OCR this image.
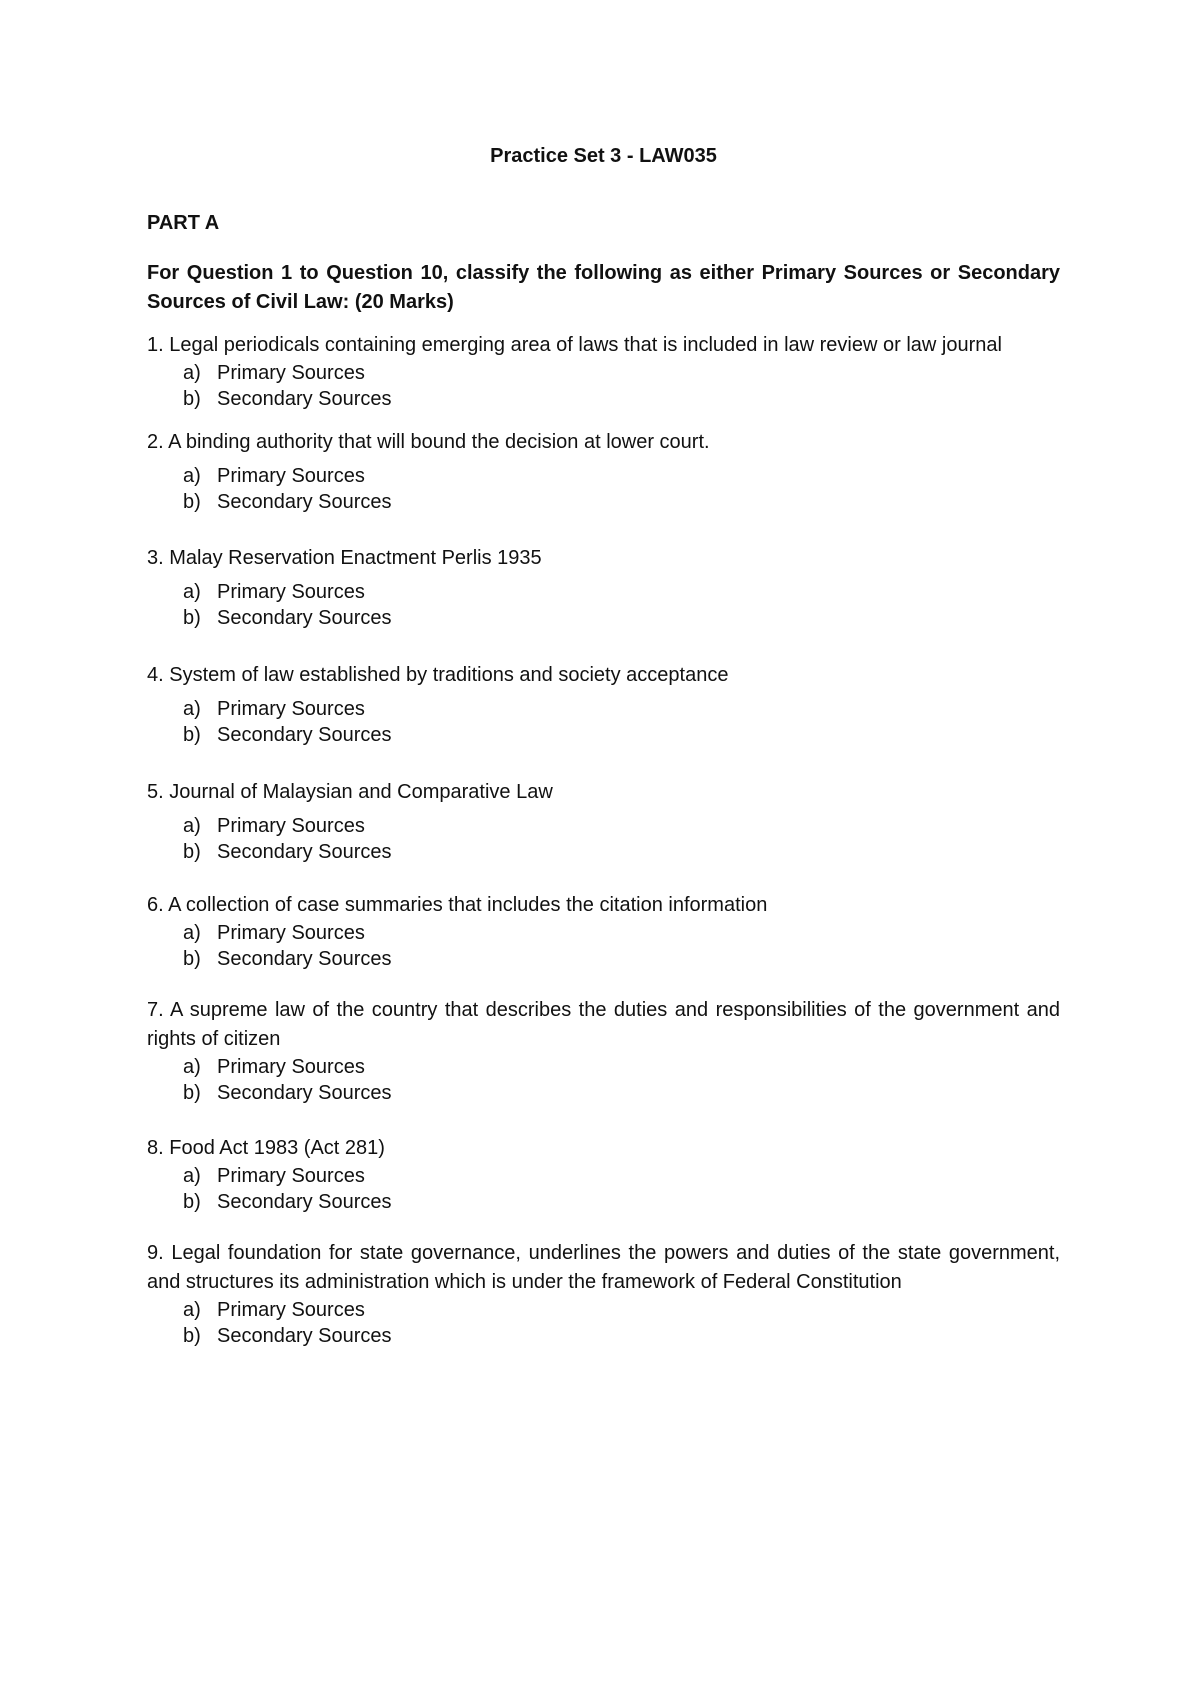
Practice Set 3 - LAW035
PART A

For Question 1 to Question 10, classify the following as either Primary Sources or Secondary Sources of Civil Law: (20 Marks)

1. Legal periodicals containing emerging area of laws that is included in law review or law journal

a) Primary Sources
b) Secondary Sources

2. A binding authority that will bound the decision at lower court.

a) Primary Sources
b) Secondary Sources

3. Malay Reservation Enactment Perlis 1935

a) Primary Sources
b) Secondary Sources

4. System of law established by traditions and society acceptance

a) Primary Sources
b) Secondary Sources

5. Journal of Malaysian and Comparative Law

a) Primary Sources
b) Secondary Sources

6. A collection of case summaries that includes the citation information

a) Primary Sources
b) Secondary Sources

7. A supreme law of the country that describes the duties and responsibilities of the government and rights of citizen

a) Primary Sources
b) Secondary Sources

8. Food Act 1983 (Act 281)

a) Primary Sources
b) Secondary Sources

9. Legal foundation for state governance, underlines the powers and duties of the state government, and structures its administration which is under the framework of Federal Constitution

a) Primary Sources
b) Secondary Sources
